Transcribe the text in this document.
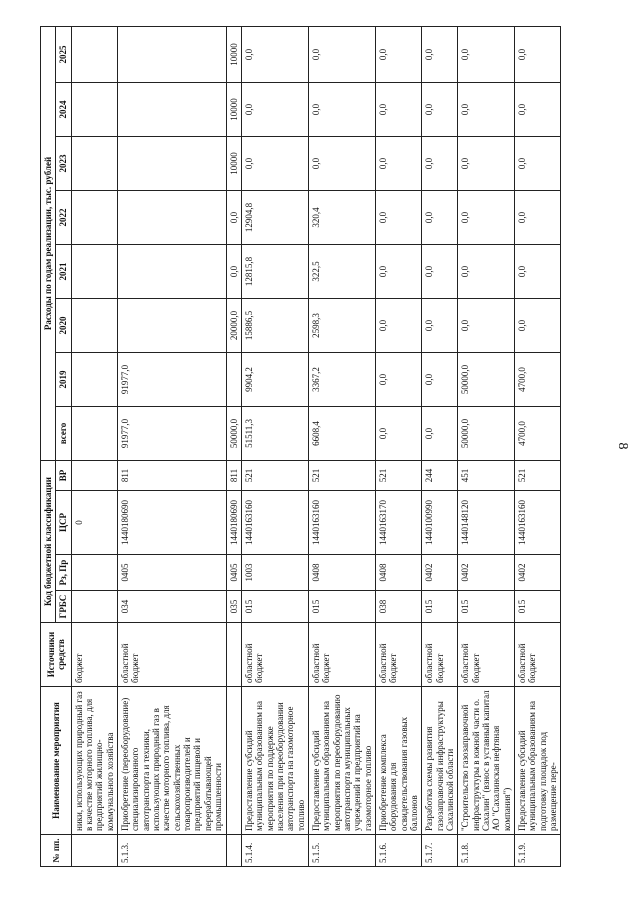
8
№ пп.	Наименование мероприятия	Источники средств	Код бюджетной классификации				Расходы по годам реализации, тыс. рублей							
			ГРБС	Рз, Пр	ЦСР	ВР	всего	2019	2020	2021	2022	2023	2024	2025
	ники, использующих природный газ в качестве моторного топлива, для предприятий жилищно-коммунального хозяйства	бюджет			0									
5.1.3.	Приобретение (переоборудование) специализированного автотранспорта и техники, использующих природный газ в качестве моторного топлива, для сельскохозяйственных товаропроизводителей и предприятий пищевой и перерабатывающей промышленности	областной бюджет	034	0405	1440180690	811	91977,0	91977,0						
			035	0405	1440180690	811	50000,0		20000,0	0,0	0,0	10000	10000	10000
5.1.4.	Предоставление субсидий муниципальным образованиям на мероприятия по поддержке населения при переоборудовании автотранспорта на газомоторное топливо	областной бюджет	015	1003	1440163160	521	51511,3	9904,2	15886,5	12815,8	12904,8	0,0	0,0	0,0
5.1.5.	Предоставление субсидий муниципальным образованиям на мероприятия по переоборудованию автотранспорта муниципальных учреждений и предприятий на газомоторное топливо	областной бюджет	015	0408	1440163160	521	6608,4	3367,2	2598,3	322,5	320,4	0,0	0,0	0,0
5.1.6.	Приобретение комплекса оборудования для освидетельствования газовых баллонов	областной бюджет	038	0408	1440163170	521	0,0	0,0	0,0	0,0	0,0	0,0	0,0	0,0
5.1.7.	Разработка схемы развития газозаправочной инфраструктуры Сахалинской области	областной бюджет	015	0402	1440100990	244	0,0	0,0	0,0	0,0	0,0	0,0	0,0	0,0
5.1.8.	"Строительство газозаправочной инфраструктуры в южной части о. Сахалин" (взнос в уставный капитал АО "Сахалинская нефтяная компания")	областной бюджет	015	0402	1440148120	451	50000,0	50000,0	0,0	0,0	0,0	0,0	0,0	0,0
5.1.9.	Предоставление субсидий муниципальным образованиям на подготовку площадок под размещение пере-	областной бюджет	015	0402	1440163160	521	4700,0	4700,0	0,0	0,0	0,0	0,0	0,0	0,0
